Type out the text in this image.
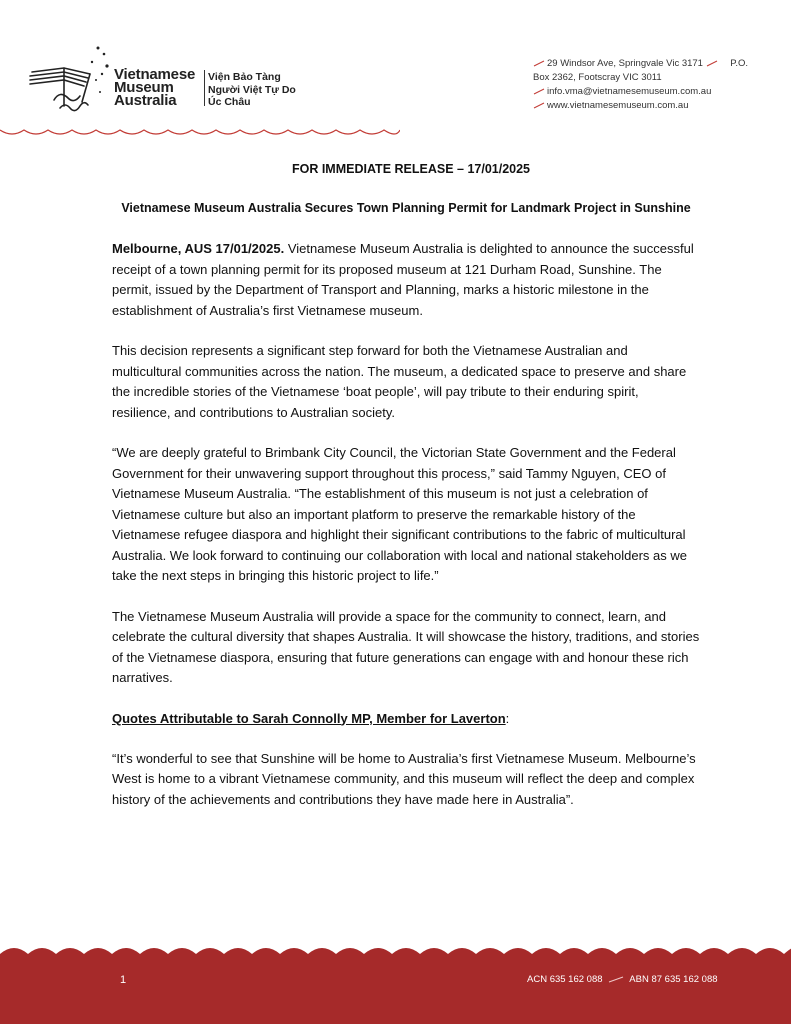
Vietnamese
Museum
Australia
Viện Bảo Tàng
Người Việt Tự Do
Úc Châu
29 Windsor Ave, Springvale Vic 3171	P.O.
Box 2362, Footscray VIC 3011
info.vma@vietnamesemuseum.com.au
www.vietnamesemuseum.com.au
FOR IMMEDIATE RELEASE – 17/01/2025
Vietnamese Museum Australia Secures Town Planning Permit for Landmark Project in Sunshine

Melbourne, AUS 17/01/2025. Vietnamese Museum Australia is delighted to announce the successful receipt of a town planning permit for its proposed museum at 121 Durham Road, Sunshine. The permit, issued by the Department of Transport and Planning, marks a historic milestone in the establishment of Australia’s first Vietnamese museum.

This decision represents a significant step forward for both the Vietnamese Australian and multicultural communities across the nation. The museum, a dedicated space to preserve and share the incredible stories of the Vietnamese ‘boat people’, will pay tribute to their enduring spirit, resilience, and contributions to Australian society.

“We are deeply grateful to Brimbank City Council, the Victorian State Government and the Federal Government for their unwavering support throughout this process,” said Tammy Nguyen, CEO of Vietnamese Museum Australia. “The establishment of this museum is not just a celebration of Vietnamese culture but also an important platform to preserve the remarkable history of the Vietnamese refugee diaspora and highlight their significant contributions to the fabric of multicultural Australia. We look forward to continuing our collaboration with local and national stakeholders as we take the next steps in bringing this historic project to life.”

The Vietnamese Museum Australia will provide a space for the community to connect, learn, and celebrate the cultural diversity that shapes Australia. It will showcase the history, traditions, and stories of the Vietnamese diaspora, ensuring that future generations can engage with and honour these rich narratives.

Quotes Attributable to Sarah Connolly MP, Member for Laverton:

“It’s wonderful to see that Sunshine will be home to Australia’s first Vietnamese Museum. Melbourne’s West is home to a vibrant Vietnamese community, and this museum will reflect the deep and complex history of the achievements and contributions they have made here in Australia”.

1	ACN 635 162 088	ABN 87 635 162 088
